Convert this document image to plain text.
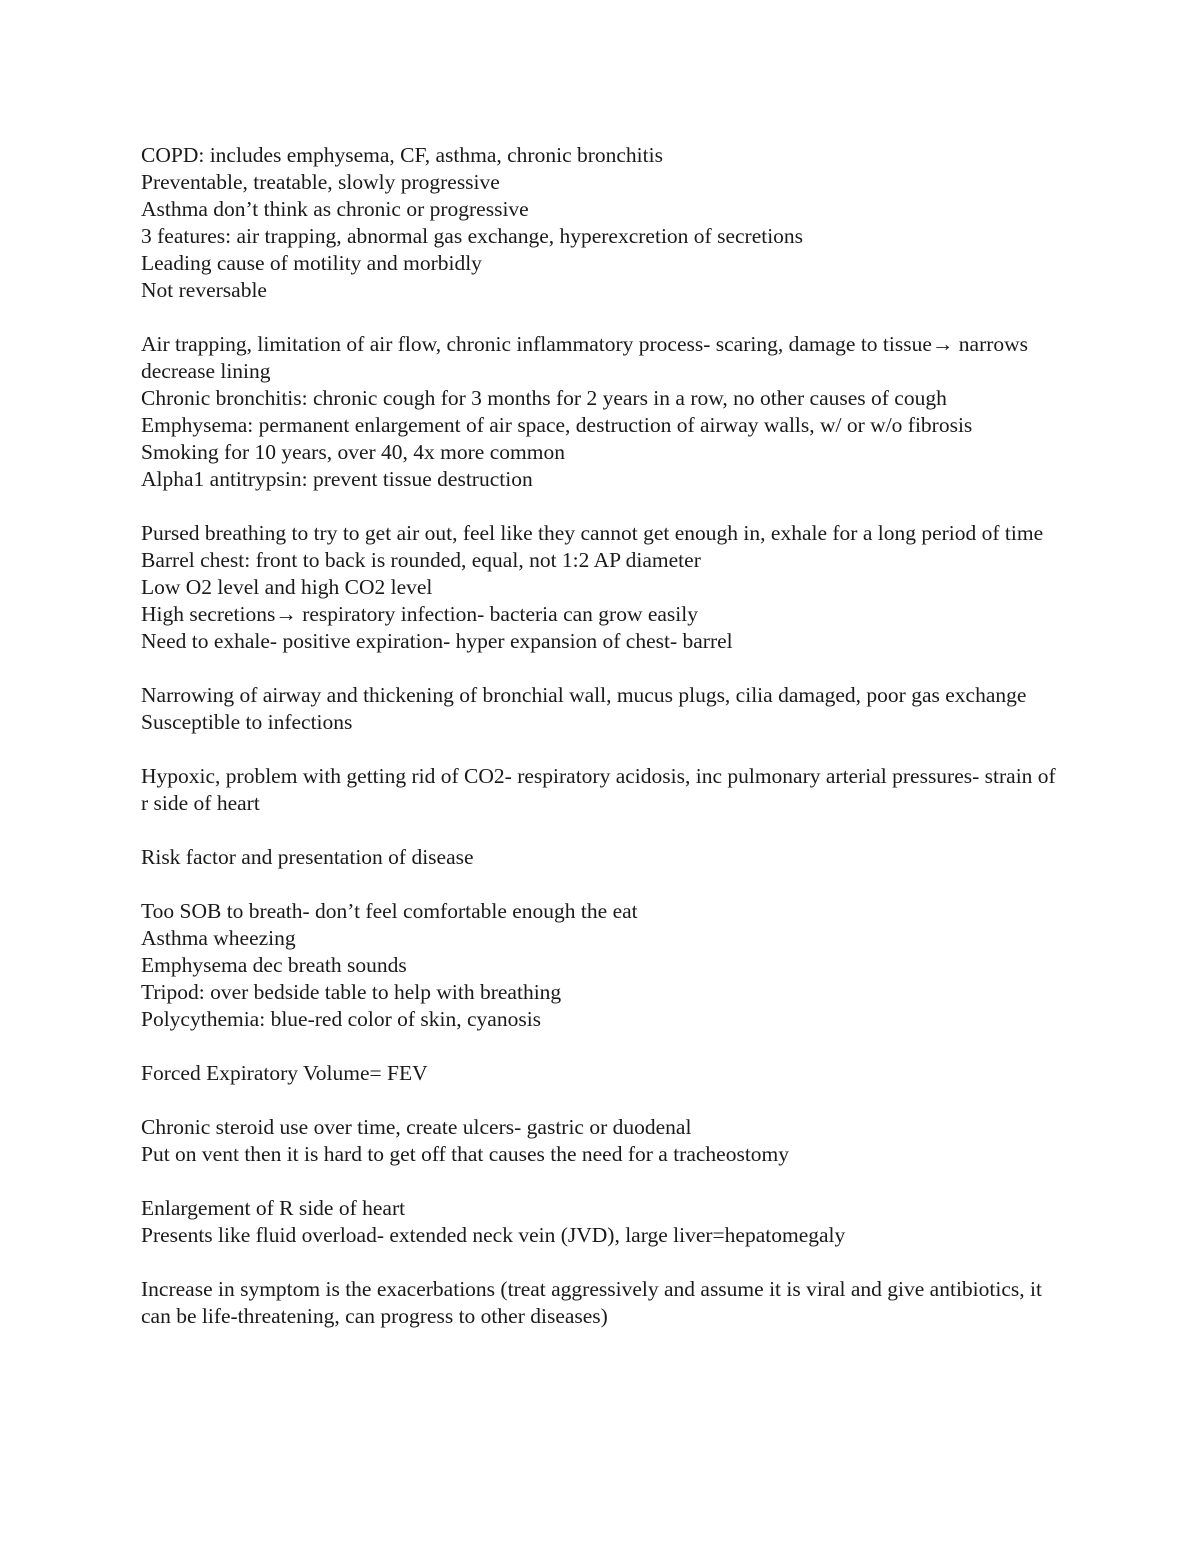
COPD: includes emphysema, CF, asthma, chronic bronchitis
Preventable, treatable, slowly progressive
Asthma don’t think as chronic or progressive
3 features: air trapping, abnormal gas exchange, hyperexcretion of secretions
Leading cause of motility and morbidly
Not reversable

Air trapping, limitation of air flow, chronic inflammatory process- scaring, damage to tissue→ narrows decrease lining
Chronic bronchitis: chronic cough for 3 months for 2 years in a row, no other causes of cough
Emphysema: permanent enlargement of air space, destruction of airway walls, w/ or w/o fibrosis
Smoking for 10 years, over 40, 4x more common
Alpha1 antitrypsin: prevent tissue destruction

Pursed breathing to try to get air out, feel like they cannot get enough in, exhale for a long period of time
Barrel chest: front to back is rounded, equal, not 1:2 AP diameter
Low O2 level and high CO2 level
High secretions→ respiratory infection- bacteria can grow easily
Need to exhale- positive expiration- hyper expansion of chest- barrel

Narrowing of airway and thickening of bronchial wall, mucus plugs, cilia damaged, poor gas exchange
Susceptible to infections

Hypoxic, problem with getting rid of CO2- respiratory acidosis, inc pulmonary arterial pressures- strain of r side of heart

Risk factor and presentation of disease

Too SOB to breath- don’t feel comfortable enough the eat
Asthma wheezing
Emphysema dec breath sounds
Tripod: over bedside table to help with breathing
Polycythemia: blue-red color of skin, cyanosis

Forced Expiratory Volume= FEV

Chronic steroid use over time, create ulcers- gastric or duodenal
Put on vent then it is hard to get off that causes the need for a tracheostomy

Enlargement of R side of heart
Presents like fluid overload- extended neck vein (JVD), large liver=hepatomegaly

Increase in symptom is the exacerbations (treat aggressively and assume it is viral and give antibiotics, it can be life-threatening, can progress to other diseases)
